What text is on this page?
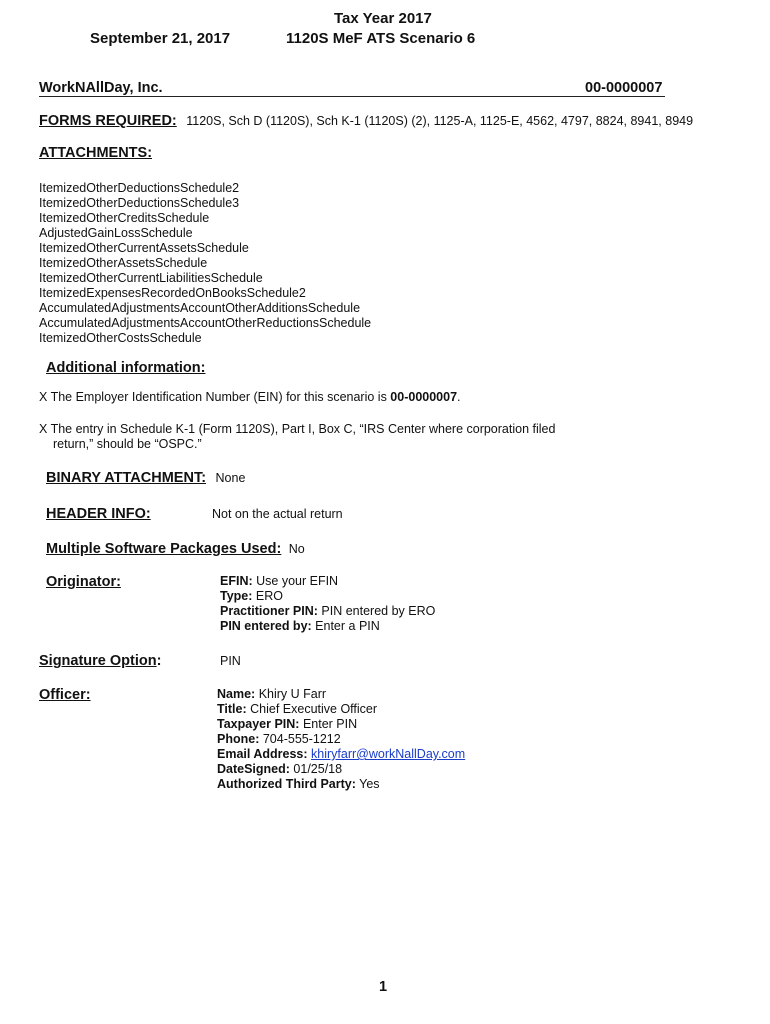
September 21, 2017
Tax Year 2017
1120S MeF ATS Scenario 6
WorkNAllDay, Inc.	00-0000007
FORMS REQUIRED: 1120S, Sch D (1120S), Sch K-1 (1120S) (2), 1125-A, 1125-E, 4562, 4797, 8824, 8941, 8949
ATTACHMENTS:
ItemizedOtherDeductionsSchedule2
ItemizedOtherDeductionsSchedule3
ItemizedOtherCreditsSchedule
AdjustedGainLossSchedule
ItemizedOtherCurrentAssetsSchedule
ItemizedOtherAssetsSchedule
ItemizedOtherCurrentLiabilitiesSchedule
ItemizedExpensesRecordedOnBooksSchedule2
AccumulatedAdjustmentsAccountOtherAdditionsSchedule
AccumulatedAdjustmentsAccountOtherReductionsSchedule
ItemizedOtherCostsSchedule
Additional information:
X The Employer Identification Number (EIN) for this scenario is 00-0000007.
X The entry in Schedule K-1 (Form 1120S), Part I, Box C, “IRS Center where corporation filed
return,” should be “OSPC.”
BINARY ATTACHMENT: None
HEADER INFO:	Not on the actual return
Multiple Software Packages Used: No
Originator:	EFIN: Use your EFIN
Type: ERO
Practitioner PIN: PIN entered by ERO
PIN entered by: Enter a PIN
Signature Option:	PIN
Officer:	Name: Khiry U Farr
Title: Chief Executive Officer
Taxpayer PIN: Enter PIN
Phone: 704-555-1212
Email Address: khiryfarr@workNallDay.com
DateSigned: 01/25/18
Authorized Third Party: Yes
1
